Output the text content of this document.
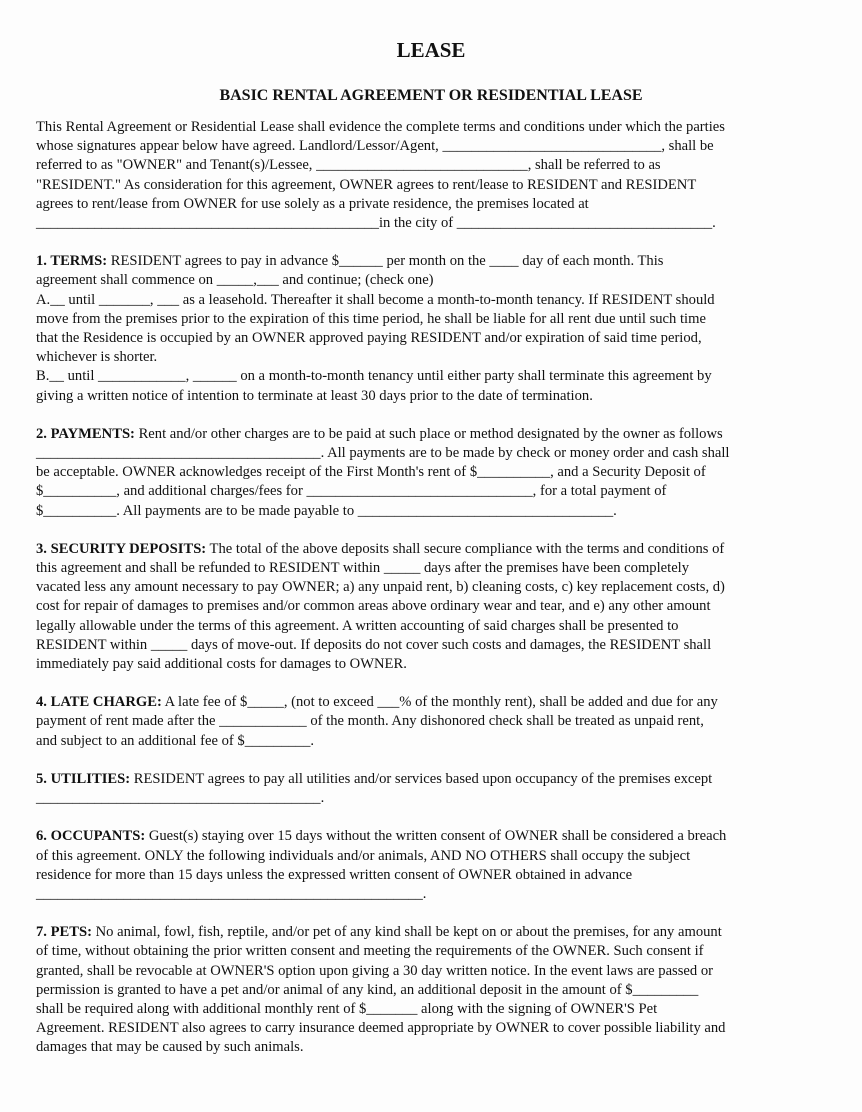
LEASE
BASIC RENTAL AGREEMENT OR RESIDENTIAL LEASE
This Rental Agreement or Residential Lease shall evidence the complete terms and conditions under which the parties
whose signatures appear below have agreed. Landlord/Lessor/Agent, ______________________________, shall be
referred to as "OWNER" and Tenant(s)/Lessee, _____________________________, shall be referred to as
"RESIDENT." As consideration for this agreement, OWNER agrees to rent/lease to RESIDENT and RESIDENT
agrees to rent/lease from OWNER for use solely as a private residence, the premises located at
_______________________________________________in the city of ___________________________________.
1. TERMS: RESIDENT agrees to pay in advance $______ per month on the ____ day of each month. This
agreement shall commence on _____,___ and continue; (check one)
A.__ until _______, ___ as a leasehold. Thereafter it shall become a month-to-month tenancy. If RESIDENT should
move from the premises prior to the expiration of this time period, he shall be liable for all rent due until such time
that the Residence is occupied by an OWNER approved paying RESIDENT and/or expiration of said time period,
whichever is shorter.
B.__ until ____________, ______ on a month-to-month tenancy until either party shall terminate this agreement by
giving a written notice of intention to terminate at least 30 days prior to the date of termination.
2. PAYMENTS: Rent and/or other charges are to be paid at such place or method designated by the owner as follows
_______________________________________. All payments are to be made by check or money order and cash shall
be acceptable. OWNER acknowledges receipt of the First Month's rent of $__________, and a Security Deposit of
$__________, and additional charges/fees for _______________________________, for a total payment of
$__________. All payments are to be made payable to ___________________________________.
3. SECURITY DEPOSITS: The total of the above deposits shall secure compliance with the terms and conditions of
this agreement and shall be refunded to RESIDENT within _____ days after the premises have been completely
vacated less any amount necessary to pay OWNER; a) any unpaid rent, b) cleaning costs, c) key replacement costs, d)
cost for repair of damages to premises and/or common areas above ordinary wear and tear, and e) any other amount
legally allowable under the terms of this agreement. A written accounting of said charges shall be presented to
RESIDENT within _____ days of move-out. If deposits do not cover such costs and damages, the RESIDENT shall
immediately pay said additional costs for damages to OWNER.
4. LATE CHARGE: A late fee of $_____, (not to exceed ___% of the monthly rent), shall be added and due for any
payment of rent made after the ____________ of the month. Any dishonored check shall be treated as unpaid rent,
and subject to an additional fee of $_________.
5. UTILITIES: RESIDENT agrees to pay all utilities and/or services based upon occupancy of the premises except
_______________________________________.
6. OCCUPANTS: Guest(s) staying over 15 days without the written consent of OWNER shall be considered a breach
of this agreement. ONLY the following individuals and/or animals, AND NO OTHERS shall occupy the subject
residence for more than 15 days unless the expressed written consent of OWNER obtained in advance
_____________________________________________________.
7. PETS: No animal, fowl, fish, reptile, and/or pet of any kind shall be kept on or about the premises, for any amount
of time, without obtaining the prior written consent and meeting the requirements of the OWNER. Such consent if
granted, shall be revocable at OWNER'S option upon giving a 30 day written notice. In the event laws are passed or
permission is granted to have a pet and/or animal of any kind, an additional deposit in the amount of $_________
shall be required along with additional monthly rent of $_______ along with the signing of OWNER'S Pet
Agreement. RESIDENT also agrees to carry insurance deemed appropriate by OWNER to cover possible liability and
damages that may be caused by such animals.
